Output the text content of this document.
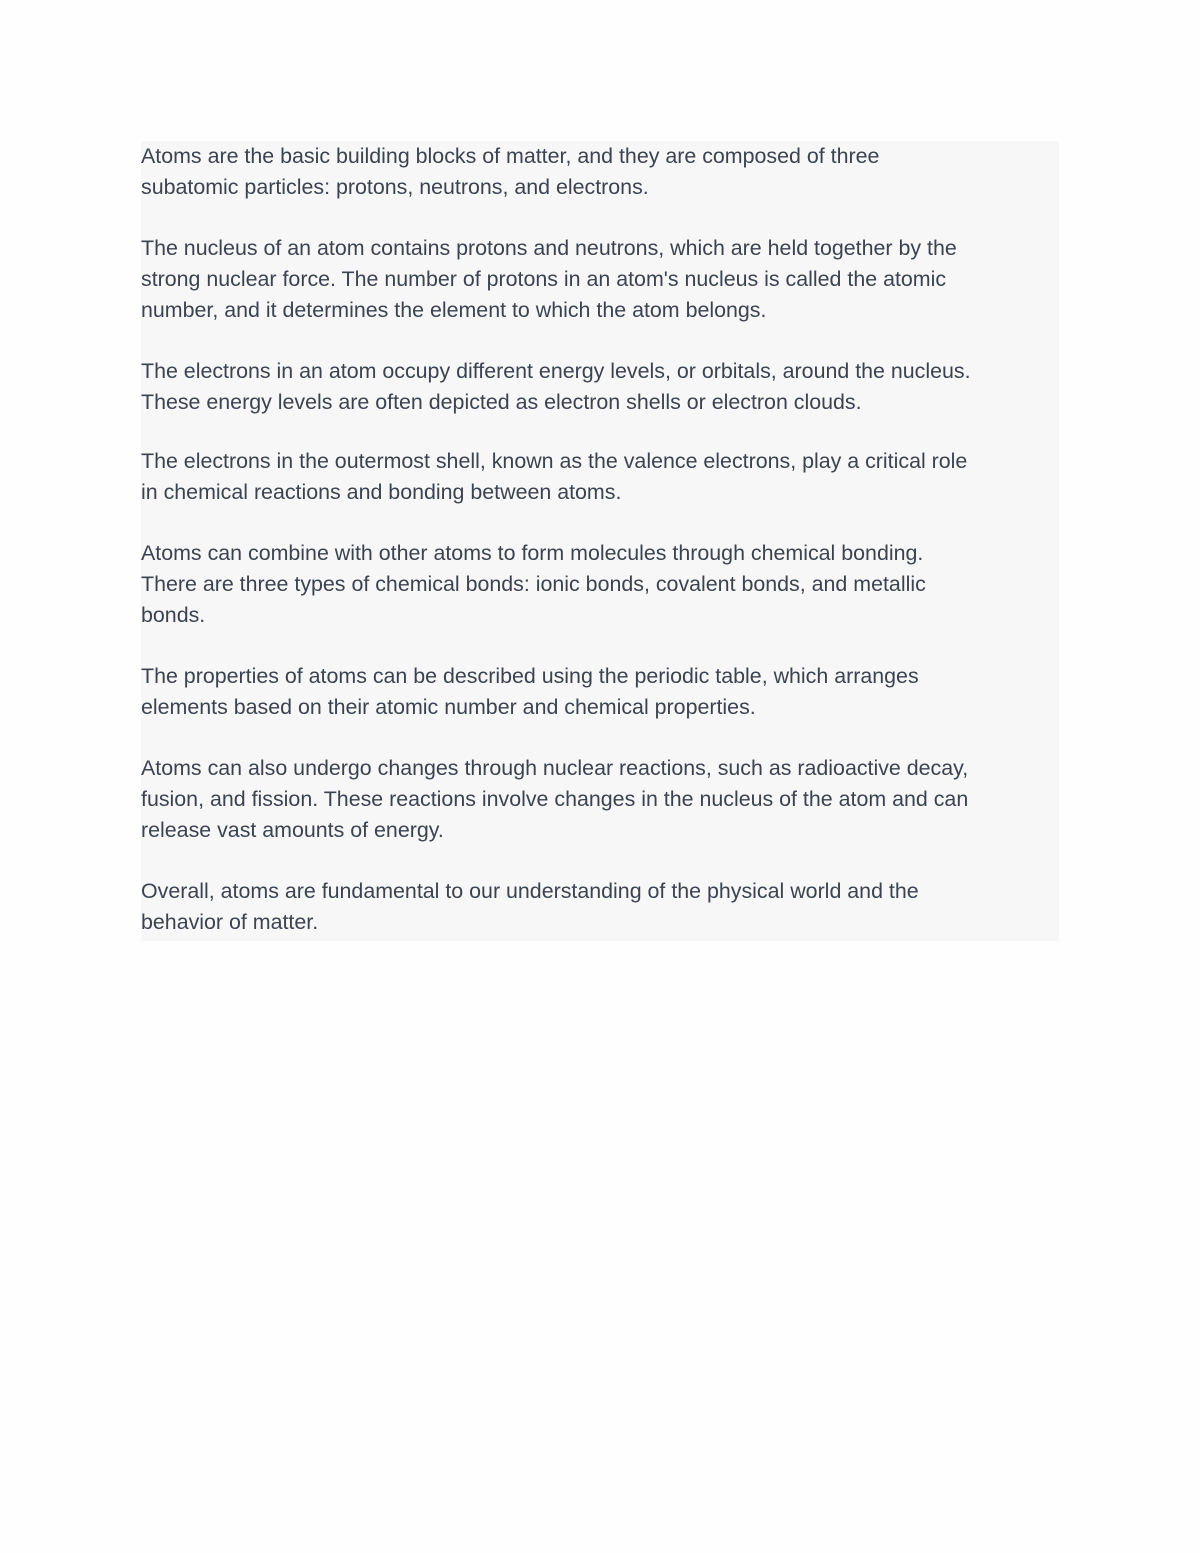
Atoms are the basic building blocks of matter, and they are composed of three
subatomic particles: protons, neutrons, and electrons.

The nucleus of an atom contains protons and neutrons, which are held together by the
strong nuclear force. The number of protons in an atom's nucleus is called the atomic
number, and it determines the element to which the atom belongs.

The electrons in an atom occupy different energy levels, or orbitals, around the nucleus.
These energy levels are often depicted as electron shells or electron clouds.

The electrons in the outermost shell, known as the valence electrons, play a critical role
in chemical reactions and bonding between atoms.

Atoms can combine with other atoms to form molecules through chemical bonding.
There are three types of chemical bonds: ionic bonds, covalent bonds, and metallic
bonds.

The properties of atoms can be described using the periodic table, which arranges
elements based on their atomic number and chemical properties.

Atoms can also undergo changes through nuclear reactions, such as radioactive decay,
fusion, and fission. These reactions involve changes in the nucleus of the atom and can
release vast amounts of energy.

Overall, atoms are fundamental to our understanding of the physical world and the
behavior of matter.
